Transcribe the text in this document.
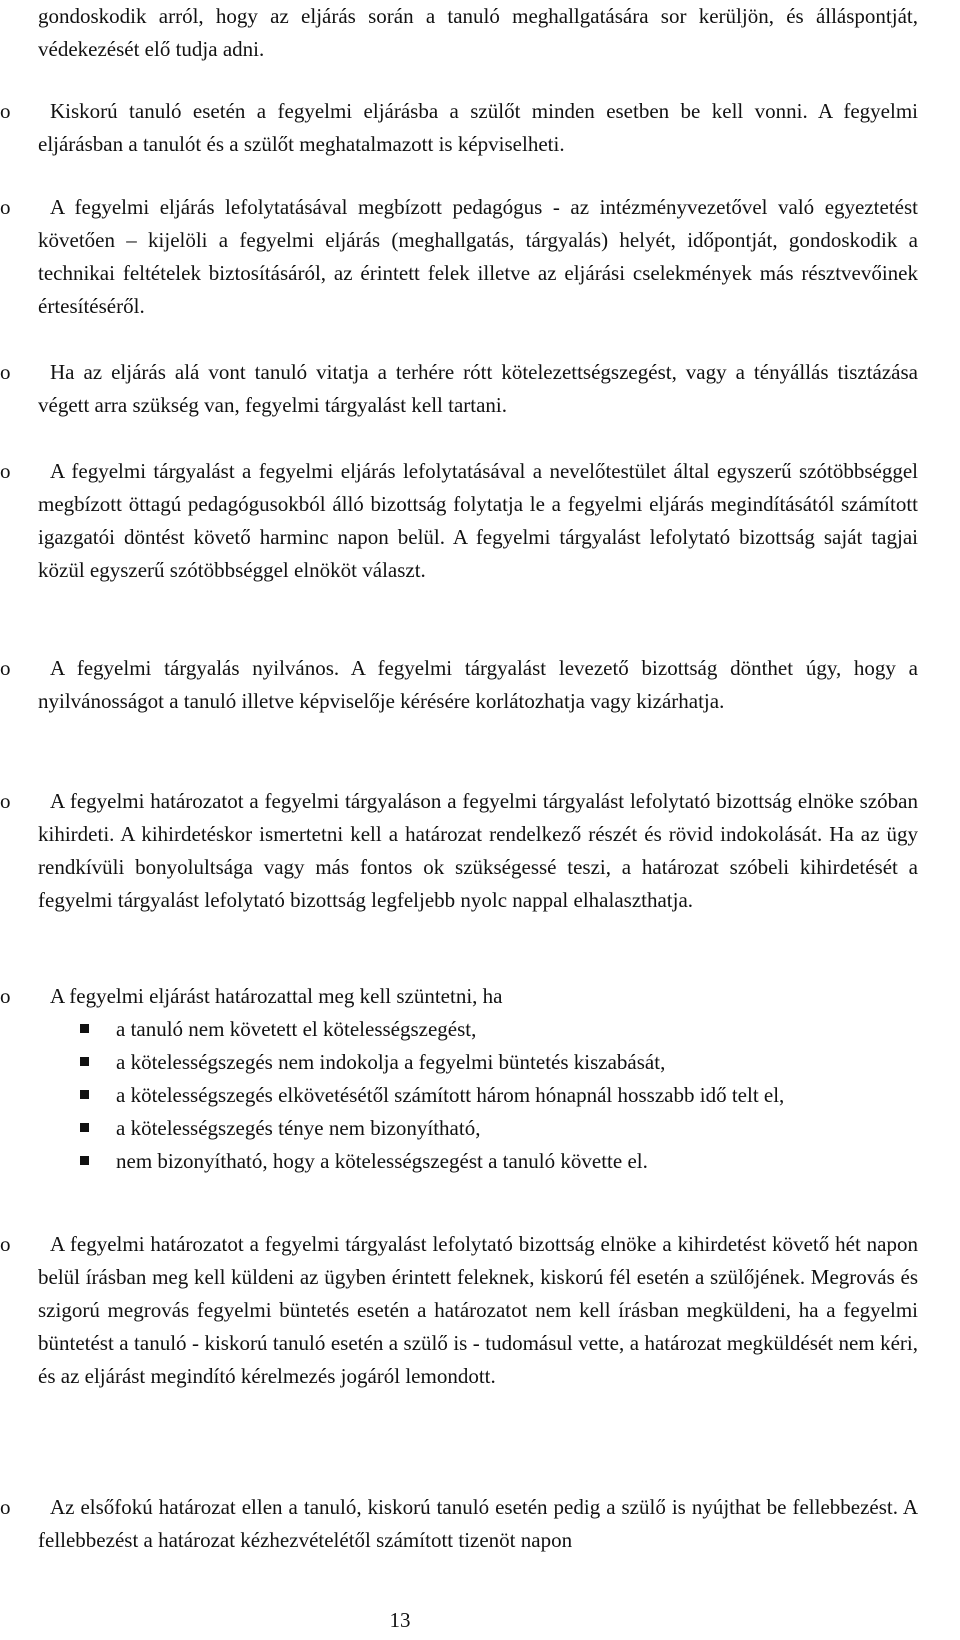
gondoskodik arról, hogy az eljárás során a tanuló meghallgatására sor kerüljön, és álláspontját, védekezését elő tudja adni.

o	Kiskorú tanuló esetén a fegyelmi eljárásba a szülőt minden esetben be kell vonni. A fegyelmi eljárásban a tanulót és a szülőt meghatalmazott is képviselheti.
o	A fegyelmi eljárás lefolytatásával megbízott pedagógus - az intézményvezetővel való egyeztetést követően – kijelöli a fegyelmi eljárás (meghallgatás, tárgyalás) helyét, időpontját, gondoskodik a technikai feltételek biztosításáról, az érintett felek illetve az eljárási cselekmények más résztvevőinek értesítéséről.
o	Ha az eljárás alá vont tanuló vitatja a terhére rótt kötelezettségszegést, vagy a tényállás tisztázása végett arra szükség van, fegyelmi tárgyalást kell tartani.
o	A fegyelmi tárgyalást a fegyelmi eljárás lefolytatásával a nevelőtestület által egyszerű szótöbbséggel megbízott öttagú pedagógusokból álló bizottság folytatja le a fegyelmi eljárás megindításától számított igazgatói döntést követő harminc napon belül. A fegyelmi tárgyalást lefolytató bizottság saját tagjai közül egyszerű szótöbbséggel elnököt választ.
o	A fegyelmi tárgyalás nyilvános. A fegyelmi tárgyalást levezető bizottság dönthet úgy, hogy a nyilvánosságot a tanuló illetve képviselője kérésére korlátozhatja vagy kizárhatja.
o	A fegyelmi határozatot a fegyelmi tárgyaláson a fegyelmi tárgyalást lefolytató bizottság elnöke szóban kihirdeti. A kihirdetéskor ismertetni kell a határozat rendelkező részét és rövid indokolását. Ha az ügy rendkívüli bonyolultsága vagy más fontos ok szükségessé teszi, a határozat szóbeli kihirdetését a fegyelmi tárgyalást lefolytató bizottság legfeljebb nyolc nappal elhalaszthatja.
o	A fegyelmi eljárást határozattal meg kell szüntetni, ha
a tanuló nem követett el kötelességszegést,
a kötelességszegés nem indokolja a fegyelmi büntetés kiszabását,
a kötelességszegés elkövetésétől számított három hónapnál hosszabb idő telt el,
a kötelességszegés ténye nem bizonyítható,
nem bizonyítható, hogy a kötelességszegést a tanuló követte el.
o	A fegyelmi határozatot a fegyelmi tárgyalást lefolytató bizottság elnöke a kihirdetést követő hét napon belül írásban meg kell küldeni az ügyben érintett feleknek, kiskorú fél esetén a szülőjének. Megrovás és szigorú megrovás fegyelmi büntetés esetén a határozatot nem kell írásban megküldeni, ha a fegyelmi büntetést a tanuló - kiskorú tanuló esetén a szülő is - tudomásul vette, a határozat megküldését nem kéri, és az eljárást megindító kérelmezés jogáról lemondott.
o	Az elsőfokú határozat ellen a tanuló, kiskorú tanuló esetén pedig a szülő is nyújthat be fellebbezést. A fellebbezést a határozat kézhezvételétől számított tizenöt napon
13
